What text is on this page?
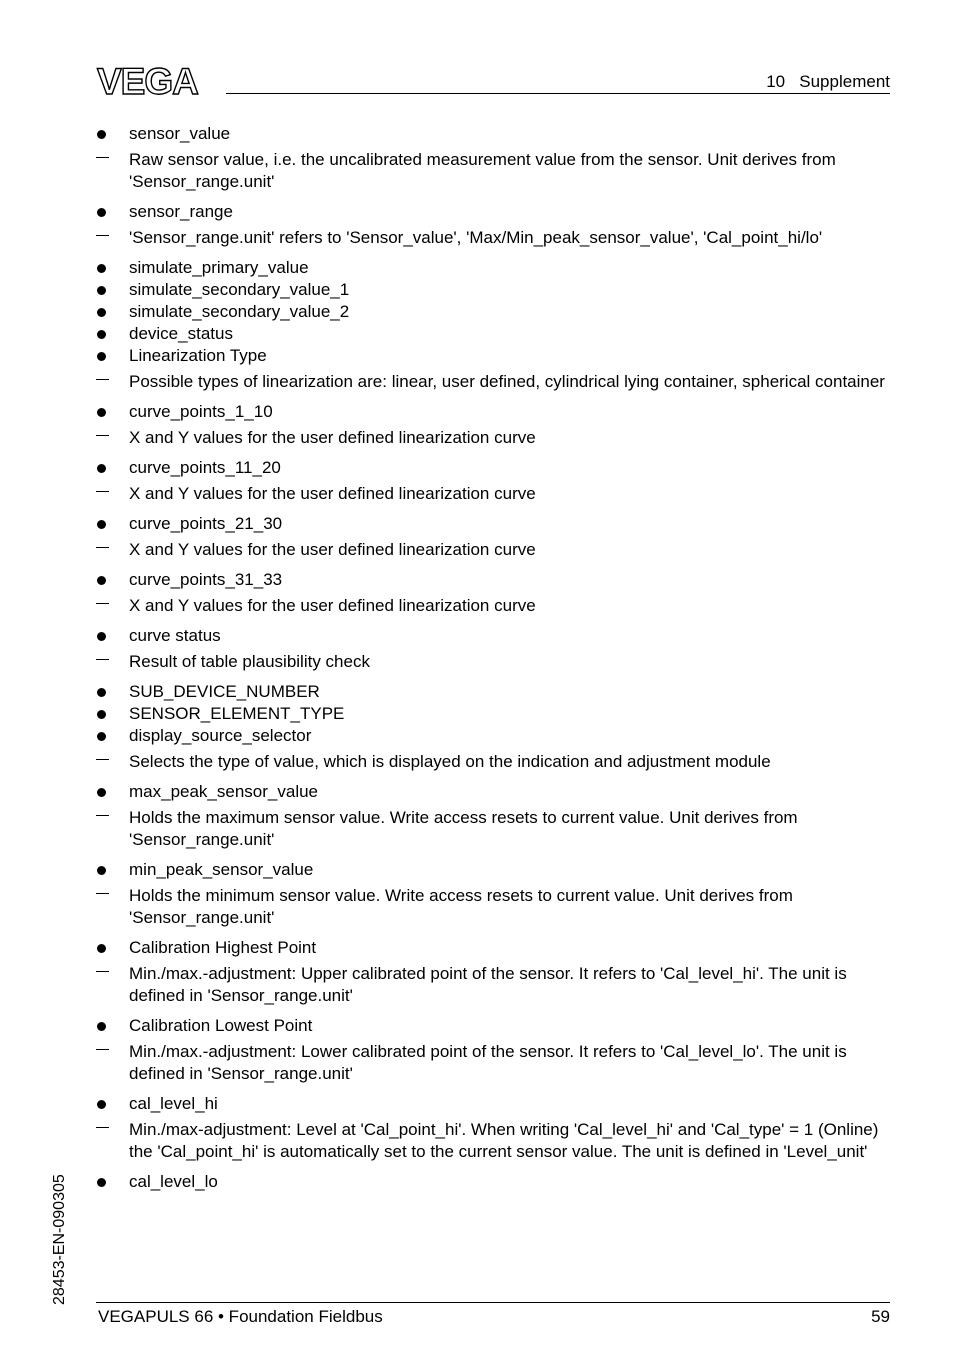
VEGA	10   Supplement
sensor_value
Raw sensor value, i.e. the uncalibrated measurement value from the sensor. Unit derives from 'Sensor_range.unit'
sensor_range
'Sensor_range.unit' refers to 'Sensor_value', 'Max/Min_peak_sensor_value', 'Cal_point_hi/lo'
simulate_primary_value
simulate_secondary_value_1
simulate_secondary_value_2
device_status
Linearization Type
Possible types of linearization are: linear, user defined, cylindrical lying container, spherical container
curve_points_1_10
X and Y values for the user defined linearization curve
curve_points_11_20
X and Y values for the user defined linearization curve
curve_points_21_30
X and Y values for the user defined linearization curve
curve_points_31_33
X and Y values for the user defined linearization curve
curve status
Result of table plausibility check
SUB_DEVICE_NUMBER
SENSOR_ELEMENT_TYPE
display_source_selector
Selects the type of value, which is displayed on the indication and adjustment module
max_peak_sensor_value
Holds the maximum sensor value. Write access resets to current value. Unit derives from 'Sensor_range.unit'
min_peak_sensor_value
Holds the minimum sensor value. Write access resets to current value. Unit derives from 'Sensor_range.unit'
Calibration Highest Point
Min./max.-adjustment: Upper calibrated point of the sensor. It refers to 'Cal_level_hi'. The unit is defined in 'Sensor_range.unit'
Calibration Lowest Point
Min./max.-adjustment: Lower calibrated point of the sensor. It refers to 'Cal_level_lo'. The unit is defined in 'Sensor_range.unit'
cal_level_hi
Min./max-adjustment: Level at 'Cal_point_hi'. When writing 'Cal_level_hi' and 'Cal_type' = 1 (Online) the 'Cal_point_hi' is automatically set to the current sensor value. The unit is defined in 'Level_unit'
cal_level_lo
VEGAPULS 66 • Foundation Fieldbus	59
28453-EN-090305
